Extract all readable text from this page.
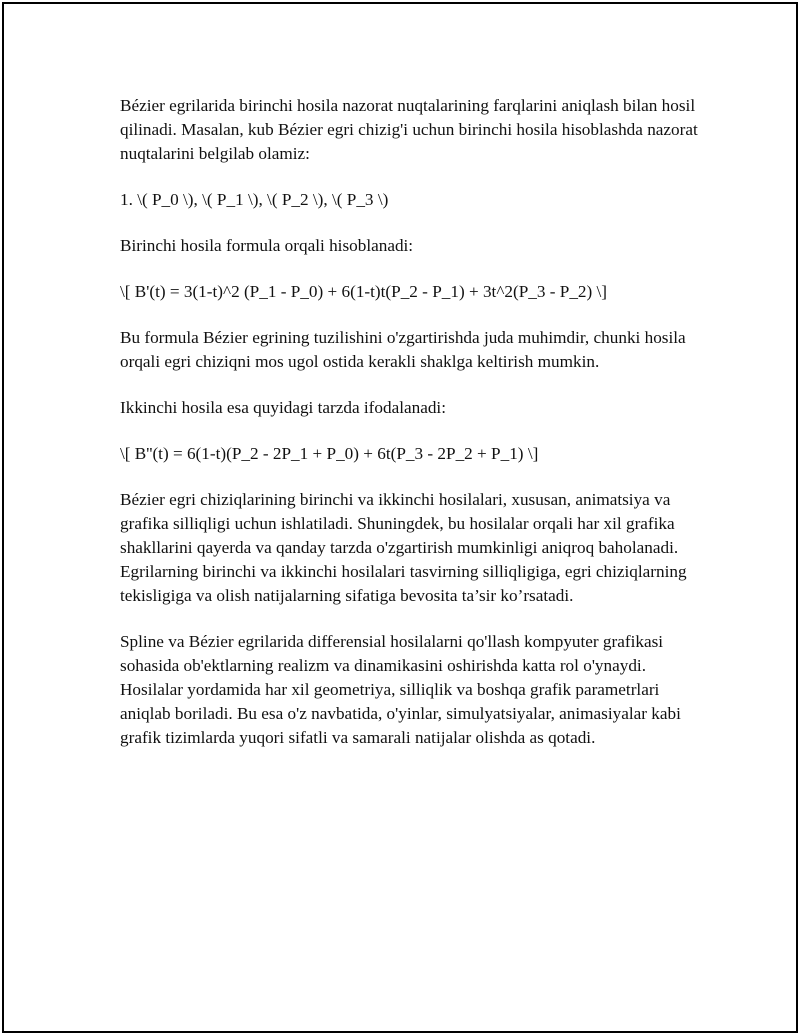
Bézier egrilarida birinchi hosila nazorat nuqtalarining farqlarini aniqlash bilan hosil qilinadi. Masalan, kub Bézier egri chizig'i uchun birinchi hosila hisoblashda nazorat nuqtalarini belgilab olamiz:

1. \( P_0 \), \( P_1 \), \( P_2 \), \( P_3 \)

Birinchi hosila formula orqali hisoblanadi:

\[ B'(t) = 3(1-t)^2 (P_1 - P_0) + 6(1-t)t(P_2 - P_1) + 3t^2(P_3 - P_2) \]

Bu formula Bézier egrining tuzilishini o'zgartirishda juda muhimdir, chunki hosila orqali egri chiziqni mos ugol ostida kerakli shaklga keltirish mumkin.

Ikkinchi hosila esa quyidagi tarzda ifodalanadi:

\[ B''(t) = 6(1-t)(P_2 - 2P_1 + P_0) + 6t(P_3 - 2P_2 + P_1) \]

Bézier egri chiziqlarining birinchi va ikkinchi hosilalari, xususan, animatsiya va grafika silliqligi uchun ishlatiladi. Shuningdek, bu hosilalar orqali har xil grafika shakllarini qayerda va qanday tarzda o'zgartirish mumkinligi aniqroq baholanadi. Egrilarning birinchi va ikkinchi hosilalari tasvirning silliqligiga, egri chiziqlarning tekisligiga va olish natijalarning sifatiga bevosita ta’sir ko’rsatadi.

Spline va Bézier egrilarida differensial hosilalarni qo'llash kompyuter grafikasi sohasida ob'ektlarning realizm va dinamikasini oshirishda katta rol o'ynaydi. Hosilalar yordamida har xil geometriya, silliqlik va boshqa grafik parametrlari aniqlab boriladi. Bu esa o'z navbatida, o'yinlar, simulyatsiyalar, animasiyalar kabi grafik tizimlarda yuqori sifatli va samarali natijalar olishda as qotadi.
